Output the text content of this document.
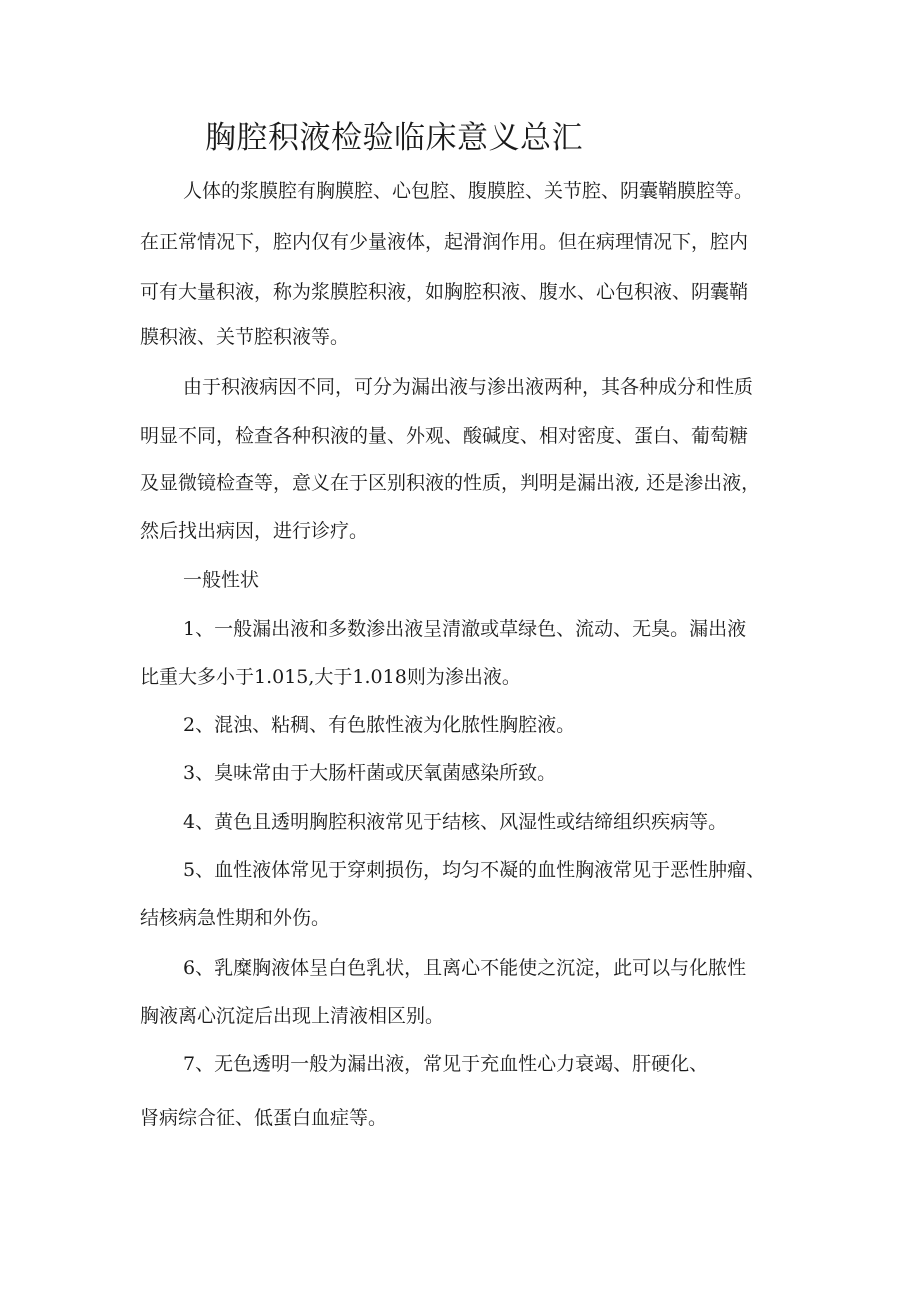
胸腔积液检验临床意义总汇

人体的浆膜腔有胸膜腔、心包腔、腹膜腔、关节腔、阴囊鞘膜腔等。

在正常情况下，腔内仅有少量液体，起滑润作用。但在病理情况下，腔内

可有大量积液，称为浆膜腔积液，如胸腔积液、腹水、心包积液、阴囊鞘

膜积液、关节腔积液等。

由于积液病因不同，可分为漏出液与渗出液两种，其各种成分和性质

明显不同，检查各种积液的量、外观、酸碱度、相对密度、蛋白、葡萄糖

及显微镜检查等，意义在于区别积液的性质，判明是漏出液, 还是渗出液，

然后找出病因，进行诊疗。

一般性状

1、一般漏出液和多数渗出液呈清澈或草绿色、流动、无臭。漏出液

比重大多小于1.015,大于1.018则为渗出液。

2、混浊、粘稠、有色脓性液为化脓性胸腔液。

3、臭味常由于大肠杆菌或厌氧菌感染所致。

4、黄色且透明胸腔积液常见于结核、风湿性或结缔组织疾病等。

5、血性液体常见于穿刺损伤，均匀不凝的血性胸液常见于恶性肿瘤、

结核病急性期和外伤。

6、乳糜胸液体呈白色乳状，且离心不能使之沉淀，此可以与化脓性

胸液离心沉淀后出现上清液相区别。

7、无色透明一般为漏出液，常见于充血性心力衰竭、肝硬化、

肾病综合征、低蛋白血症等。
